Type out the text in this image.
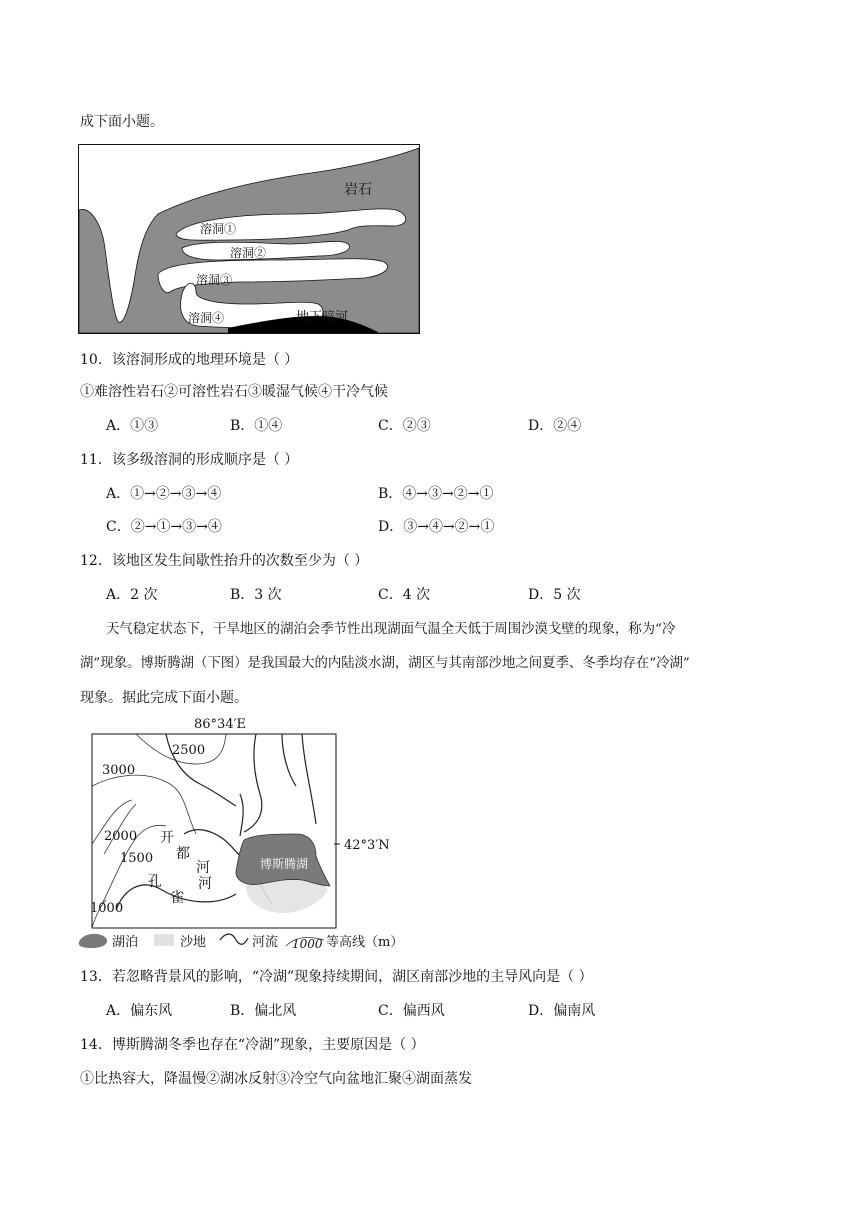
成下面小题。
岩石
溶洞①
溶洞②
溶洞③
溶洞④	地下暗河
10．该溶洞形成的地理环境是（ ）
①难溶性岩石②可溶性岩石③暖湿气候④干冷气候
A．①③	B．①④	C．②③	D．②④
11．该多级溶洞的形成顺序是（ ）
A．①→②→③→④	B．④→③→②→①
C．②→①→③→④	D．③→④→②→①
12．该地区发生间歇性抬升的次数至少为（ ）
A．2 次	B．3 次	C．4 次	D．5 次
天气稳定状态下，干旱地区的湖泊会季节性出现湖面气温全天低于周围沙漠戈壁的现象，称为“冷
湖”现象。博斯腾湖（下图）是我国最大的内陆淡水湖，湖区与其南部沙地之间夏季、冬季均存在“冷湖”
现象。据此完成下面小题。
博斯腾湖
86°34′E
42°3′N
2500
3000
2000
1500
1000
开
都
河
孔
雀
河
湖泊	沙地	河流 1000 等高线（m）
13．若忽略背景风的影响，“冷湖”现象持续期间，湖区南部沙地的主导风向是（ ）
A．偏东风	B．偏北风	C．偏西风	D．偏南风
14．博斯腾湖冬季也存在“冷湖”现象，主要原因是（ ）
①比热容大，降温慢②湖冰反射③冷空气向盆地汇聚④湖面蒸发
